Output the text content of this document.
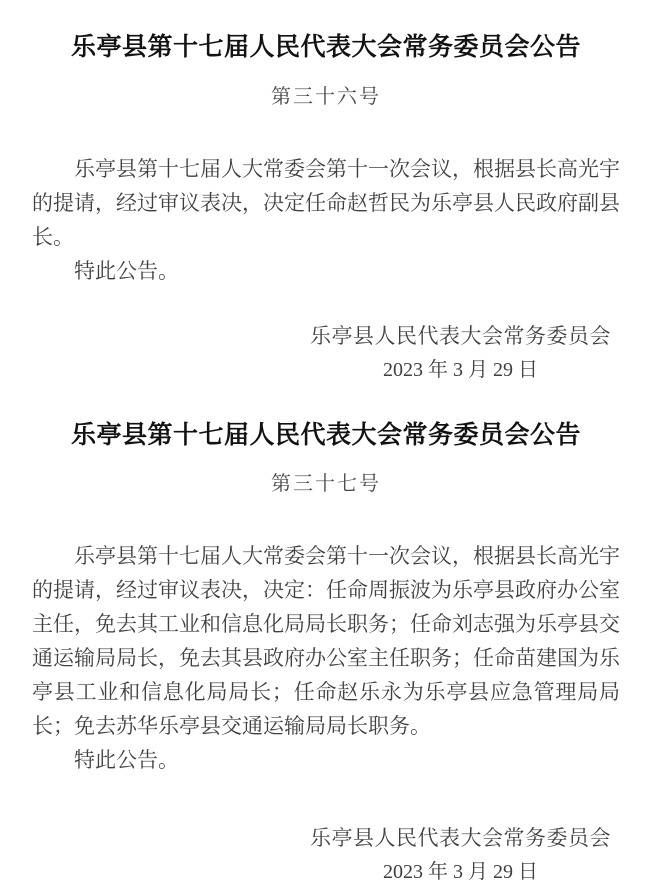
乐亭县第十七届人民代表大会常务委员会公告
第三十六号

乐亭县第十七届人大常委会第十一次会议，根据县长高光宇的提请，经过审议表决，决定任命赵哲民为乐亭县人民政府副县长。

特此公告。

乐亭县人民代表大会常务委员会
2023 年 3 月 29 日
乐亭县第十七届人民代表大会常务委员会公告
第三十七号

乐亭县第十七届人大常委会第十一次会议，根据县长高光宇的提请，经过审议表决，决定：任命周振波为乐亭县政府办公室主任，免去其工业和信息化局局长职务；任命刘志强为乐亭县交通运输局局长，免去其县政府办公室主任职务；任命苗建国为乐亭县工业和信息化局局长；任命赵乐永为乐亭县应急管理局局长；免去苏华乐亭县交通运输局局长职务。

特此公告。

乐亭县人民代表大会常务委员会
2023 年 3 月 29 日
